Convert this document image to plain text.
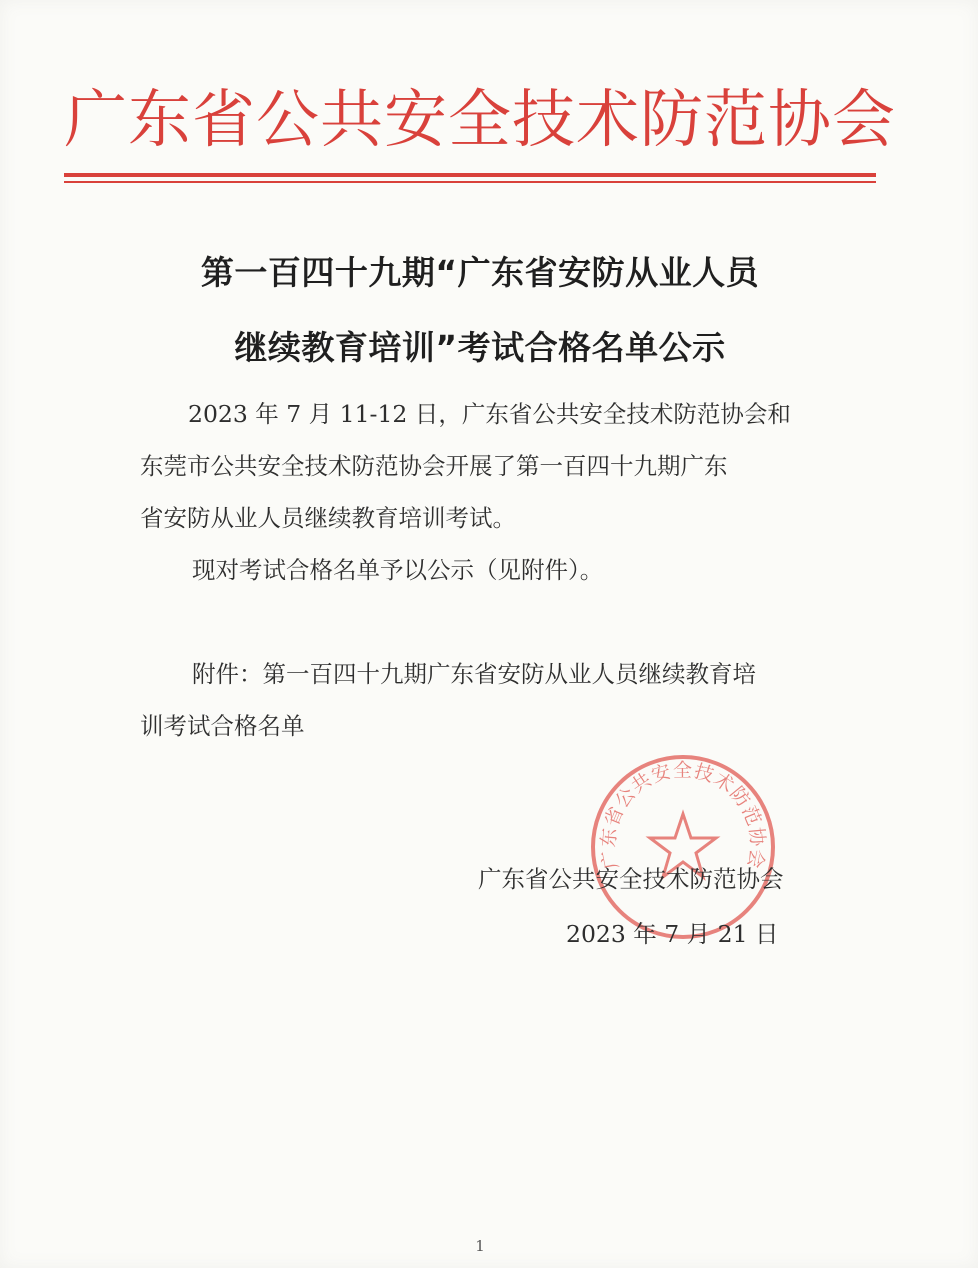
广东省公共安全技术防范协会
第一百四十九期“广东省安防从业人员
继续教育培训”考试合格名单公示
2023 年 7 月 11-12 日，广东省公共安全技术防范协会和
东莞市公共安全技术防范协会开展了第一百四十九期广东
省安防从业人员继续教育培训考试。
现对考试合格名单予以公示（见附件）。
附件：第一百四十九期广东省安防从业人员继续教育培
训考试合格名单
广东省公共安全技术防范协会
广东省公共安全技术防范协会
2023 年 7 月 21 日
1
